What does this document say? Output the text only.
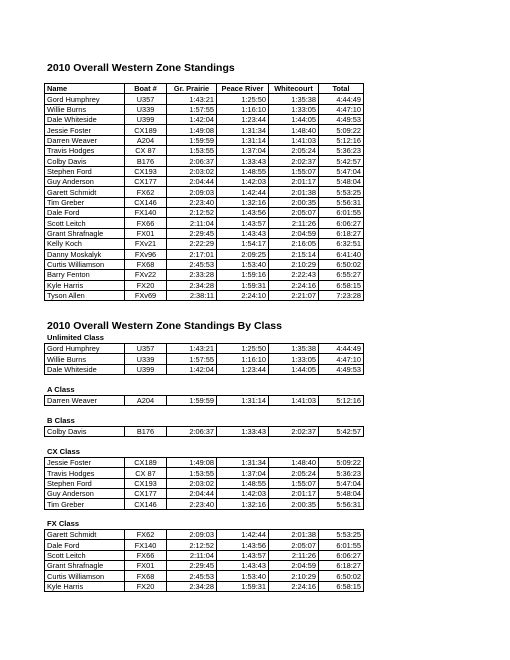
2010 Overall Western Zone Standings
Name	Boat #	Gr. Prairie	Peace River	Whitecourt	Total
Gord Humphrey	U357	1:43:21	1:25:50	1:35:38	4:44:49
Willie Burns	U339	1:57:55	1:16:10	1:33:05	4:47:10
Dale Whiteside	U399	1:42:04	1:23:44	1:44:05	4:49:53
Jessie Foster	CX189	1:49:08	1:31:34	1:48:40	5:09:22
Darren Weaver	A204	1:59:59	1:31:14	1:41:03	5:12:16
Travis Hodges	CX 87	1:53:55	1:37:04	2:05:24	5:36:23
Colby Davis	B176	2:06:37	1:33:43	2:02:37	5:42:57
Stephen Ford	CX193	2:03:02	1:48:55	1:55:07	5:47:04
Guy Anderson	CX177	2:04:44	1:42:03	2:01:17	5:48:04
Garett Schmidt	FX62	2:09:03	1:42:44	2:01:38	5:53:25
Tim Greber	CX146	2:23:40	1:32:16	2:00:35	5:56:31
Dale Ford	FX140	2:12:52	1:43:56	2:05:07	6:01:55
Scott Leitch	FX66	2:11:04	1:43:57	2:11:26	6:06:27
Grant Shrafnagle	FX01	2:29:45	1:43:43	2:04:59	6:18:27
Kelly Koch	FXv21	2:22:29	1:54:17	2:16:05	6:32:51
Danny Moskalyk	FXv96	2:17:01	2:09:25	2:15:14	6:41:40
Curtis Williamson	FX68	2:45:53	1:53:40	2:10:29	6:50:02
Barry Fenton	FXv22	2:33:28	1:59:16	2:22:43	6:55:27
Kyle Harris	FX20	2:34:28	1:59:31	2:24:16	6:58:15
Tyson Allen	FXv69	2:38:11	2:24:10	2:21:07	7:23:28
2010 Overall Western Zone Standings By Class
Unlimited Class
Gord Humphrey	U357	1:43:21	1:25:50	1:35:38	4:44:49
Willie Burns	U339	1:57:55	1:16:10	1:33:05	4:47:10
Dale Whiteside	U399	1:42:04	1:23:44	1:44:05	4:49:53
A Class
Darren Weaver	A204	1:59:59	1:31:14	1:41:03	5:12:16
B Class
Colby Davis	B176	2:06:37	1:33:43	2:02:37	5:42:57
CX Class
Jessie Foster	CX189	1:49:08	1:31:34	1:48:40	5:09:22
Travis Hodges	CX 87	1:53:55	1:37:04	2:05:24	5:36:23
Stephen Ford	CX193	2:03:02	1:48:55	1:55:07	5:47:04
Guy Anderson	CX177	2:04:44	1:42:03	2:01:17	5:48:04
Tim Greber	CX146	2:23:40	1:32:16	2:00:35	5:56:31
FX Class
Garett Schmidt	FX62	2:09:03	1:42:44	2:01:38	5:53:25
Dale Ford	FX140	2:12:52	1:43:56	2:05:07	6:01:55
Scott Leitch	FX66	2:11:04	1:43:57	2:11:26	6:06:27
Grant Shrafnagle	FX01	2:29:45	1:43:43	2:04:59	6:18:27
Curtis Williamson	FX68	2:45:53	1:53:40	2:10:29	6:50:02
Kyle Harris	FX20	2:34:28	1:59:31	2:24:16	6:58:15
